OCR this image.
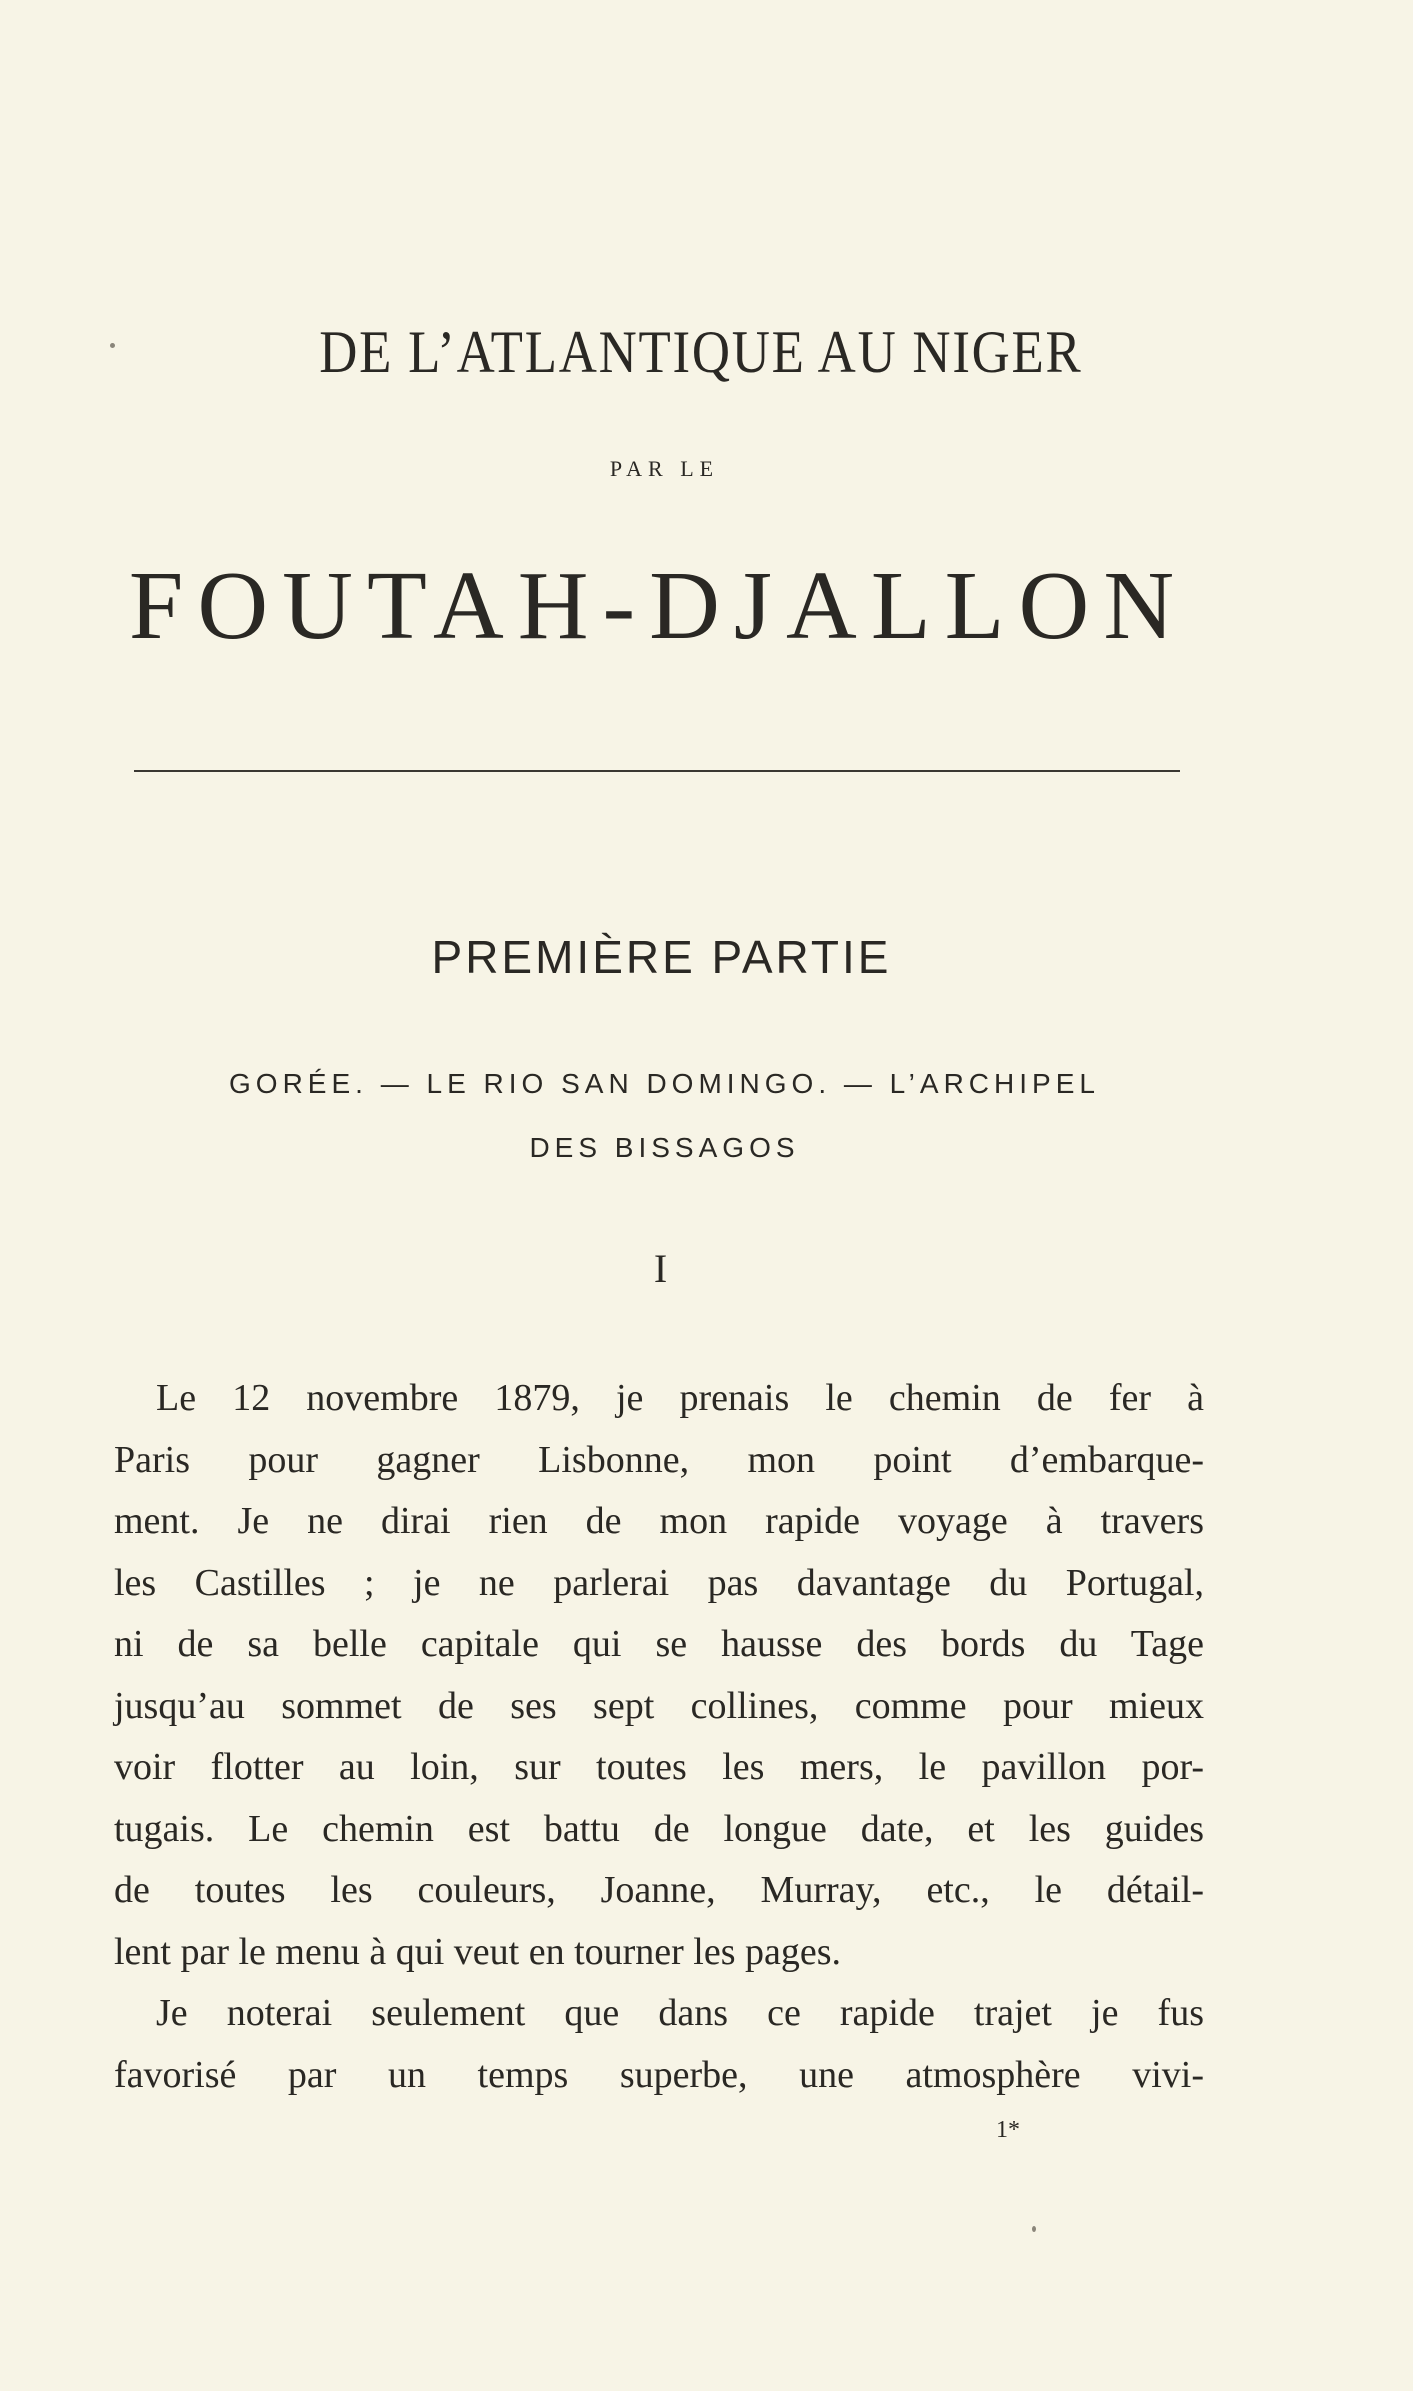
DE L’ATLANTIQUE AU NIGER
PAR LE
FOUTAH-DJALLON
PREMIÈRE PARTIE
GORÉE. — LE RIO SAN DOMINGO. — L’ARCHIPEL
DES BISSAGOS
I
Le 12 novembre 1879, je prenais le chemin de fer à
Paris pour gagner Lisbonne, mon point d’embarque-
ment. Je ne dirai rien de mon rapide voyage à travers
les Castilles ; je ne parlerai pas davantage du Portugal,
ni de sa belle capitale qui se hausse des bords du Tage
jusqu’au sommet de ses sept collines, comme pour mieux
voir flotter au loin, sur toutes les mers, le pavillon por-
tugais. Le chemin est battu de longue date, et les guides
de toutes les couleurs, Joanne, Murray, etc., le détail-
lent par le menu à qui veut en tourner les pages.
Je noterai seulement que dans ce rapide trajet je fus
favorisé par un temps superbe, une atmosphère vivi-
1*
